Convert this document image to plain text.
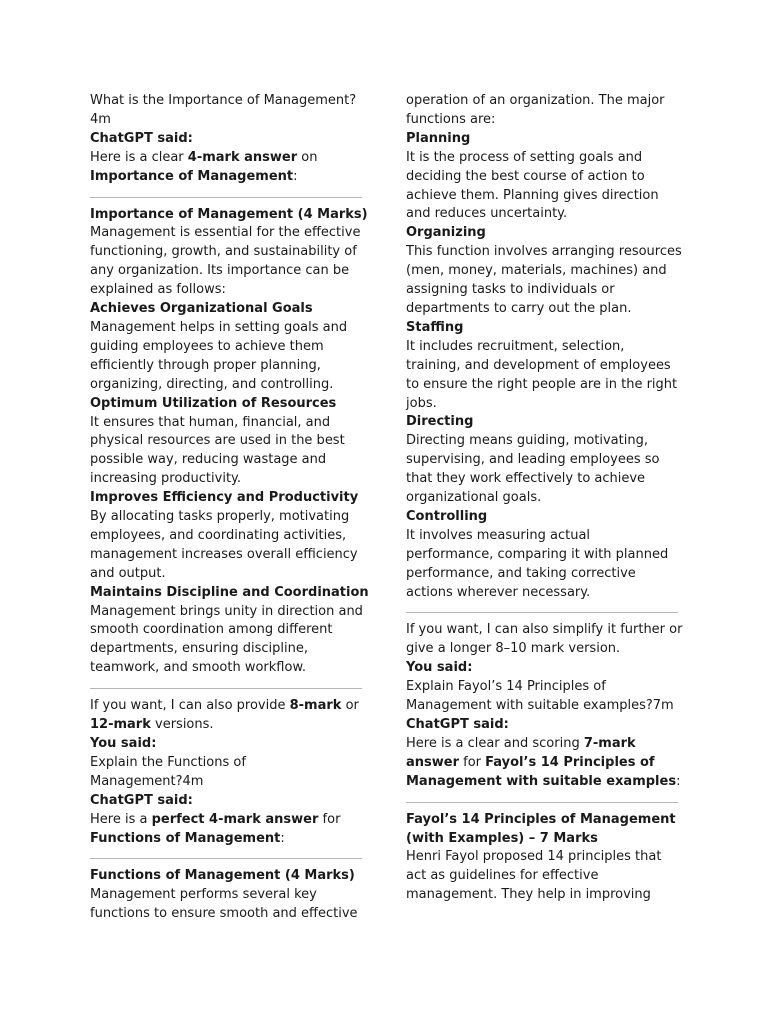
What is the Importance of Management?

4m

ChatGPT said:

Here is a clear 4-mark answer on

Importance of Management:

Importance of Management (4 Marks)

Management is essential for the effective

functioning, growth, and sustainability of

any organization. Its importance can be

explained as follows:

Achieves Organizational Goals

Management helps in setting goals and

guiding employees to achieve them

efficiently through proper planning,

organizing, directing, and controlling.

Optimum Utilization of Resources

It ensures that human, financial, and

physical resources are used in the best

possible way, reducing wastage and

increasing productivity.

Improves Efficiency and Productivity

By allocating tasks properly, motivating

employees, and coordinating activities,

management increases overall efficiency

and output.

Maintains Discipline and Coordination

Management brings unity in direction and

smooth coordination among different

departments, ensuring discipline,

teamwork, and smooth workflow.

If you want, I can also provide 8-mark or

12-mark versions.

You said:

Explain the Functions of

Management?4m

ChatGPT said:

Here is a perfect 4-mark answer for

Functions of Management:

Functions of Management (4 Marks)

Management performs several key

functions to ensure smooth and effective

operation of an organization. The major

functions are:

Planning

It is the process of setting goals and

deciding the best course of action to

achieve them. Planning gives direction

and reduces uncertainty.

Organizing

This function involves arranging resources

(men, money, materials, machines) and

assigning tasks to individuals or

departments to carry out the plan.

Staffing

It includes recruitment, selection,

training, and development of employees

to ensure the right people are in the right

jobs.

Directing

Directing means guiding, motivating,

supervising, and leading employees so

that they work effectively to achieve

organizational goals.

Controlling

It involves measuring actual

performance, comparing it with planned

performance, and taking corrective

actions wherever necessary.

If you want, I can also simplify it further or

give a longer 8–10 mark version.

You said:

Explain Fayol’s 14 Principles of

Management with suitable examples?7m

ChatGPT said:

Here is a clear and scoring 7-mark

answer for Fayol’s 14 Principles of

Management with suitable examples:

Fayol’s 14 Principles of Management

(with Examples) – 7 Marks

Henri Fayol proposed 14 principles that

act as guidelines for effective

management. They help in improving
